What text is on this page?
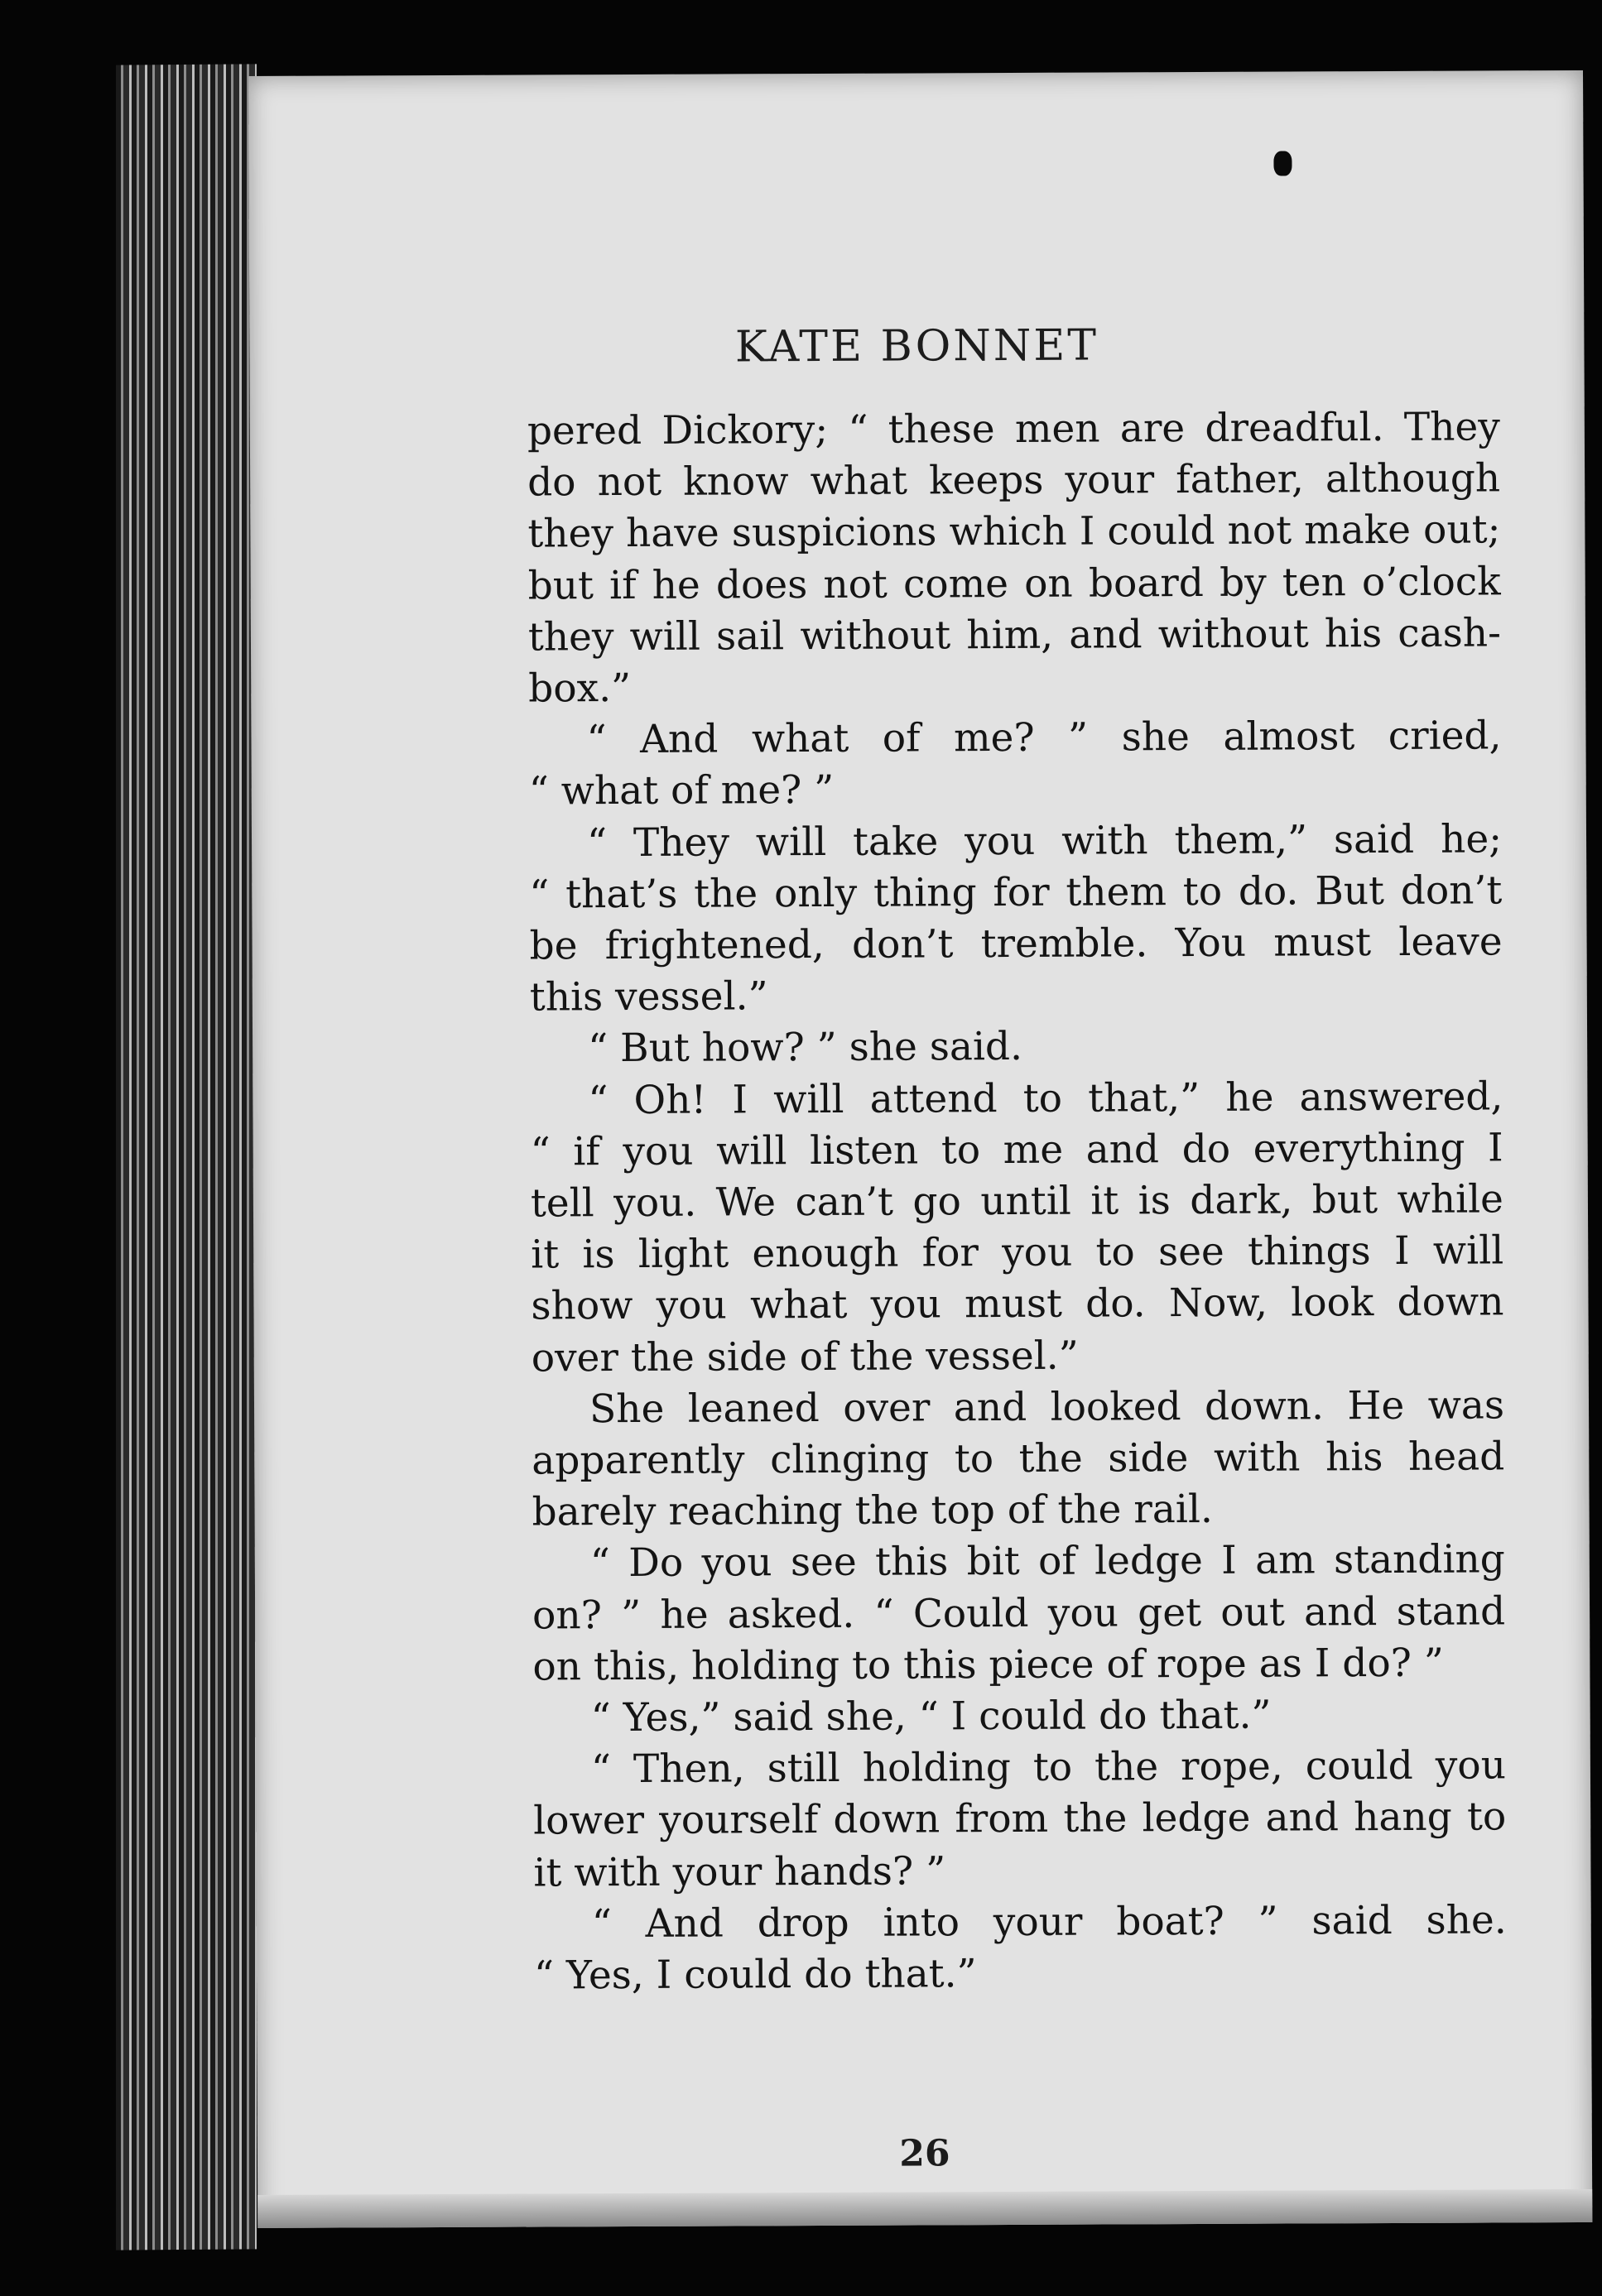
KATE BONNET
pered Dickory; “ these men are dreadful. They
do not know what keeps your father, although
they have suspicions which I could not make out;
but if he does not come on board by ten o’clock
they will sail without him, and without his cash-
box.”
“ And what of me? ” she almost cried,
“ what of me? ”
“ They will take you with them,” said he;
“ that’s the only thing for them to do. But don’t
be frightened, don’t tremble. You must leave
this vessel.”
“ But how? ” she said.
“ Oh! I will attend to that,” he answered,
“ if you will listen to me and do everything I
tell you. We can’t go until it is dark, but while
it is light enough for you to see things I will
show you what you must do. Now, look down
over the side of the vessel.”
She leaned over and looked down. He was
apparently clinging to the side with his head
barely reaching the top of the rail.
“ Do you see this bit of ledge I am standing
on? ” he asked. “ Could you get out and stand
on this, holding to this piece of rope as I do? ”
“ Yes,” said she, “ I could do that.”
“ Then, still holding to the rope, could you
lower yourself down from the ledge and hang to
it with your hands? ”
“ And drop into your boat? ” said she.
“ Yes, I could do that.”
26
